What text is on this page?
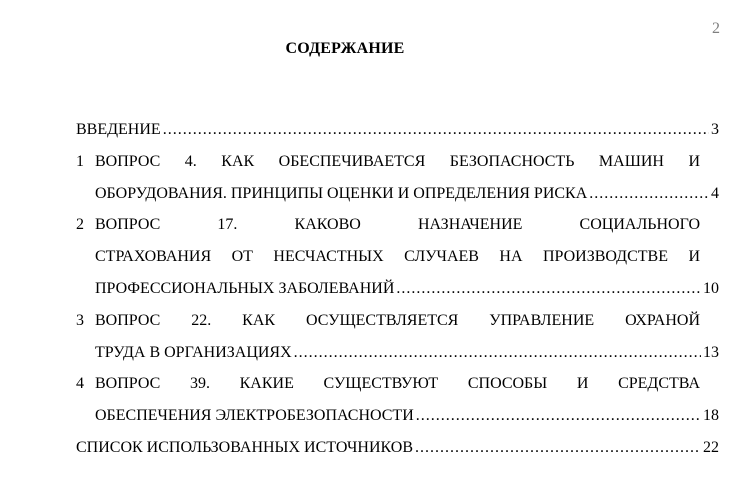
2
СОДЕРЖАНИЕ
ВВЕДЕНИЕ .....	3
1 ВОПРОС 4. КАК ОБЕСПЕЧИВАЕТСЯ БЕЗОПАСНОСТЬ МАШИН И
ОБОРУДОВАНИЯ. ПРИНЦИПЫ ОЦЕНКИ И ОПРЕДЕЛЕНИЯ РИСКА .....	4
2 ВОПРОС 17. КАКОВО НАЗНАЧЕНИЕ СОЦИАЛЬНОГО
СТРАХОВАНИЯ ОТ НЕСЧАСТНЫХ СЛУЧАЕВ НА ПРОИЗВОДСТВЕ И
ПРОФЕССИОНАЛЬНЫХ ЗАБОЛЕВАНИЙ .....	10
3 ВОПРОС 22. КАК ОСУЩЕСТВЛЯЕТСЯ УПРАВЛЕНИЕ ОХРАНОЙ
ТРУДА В ОРГАНИЗАЦИЯХ .....	13
4 ВОПРОС 39. КАКИЕ СУЩЕСТВУЮТ СПОСОБЫ И СРЕДСТВА
ОБЕСПЕЧЕНИЯ ЭЛЕКТРОБЕЗОПАСНОСТИ .....	18
СПИСОК ИСПОЛЬЗОВАННЫХ ИСТОЧНИКОВ .....	22
